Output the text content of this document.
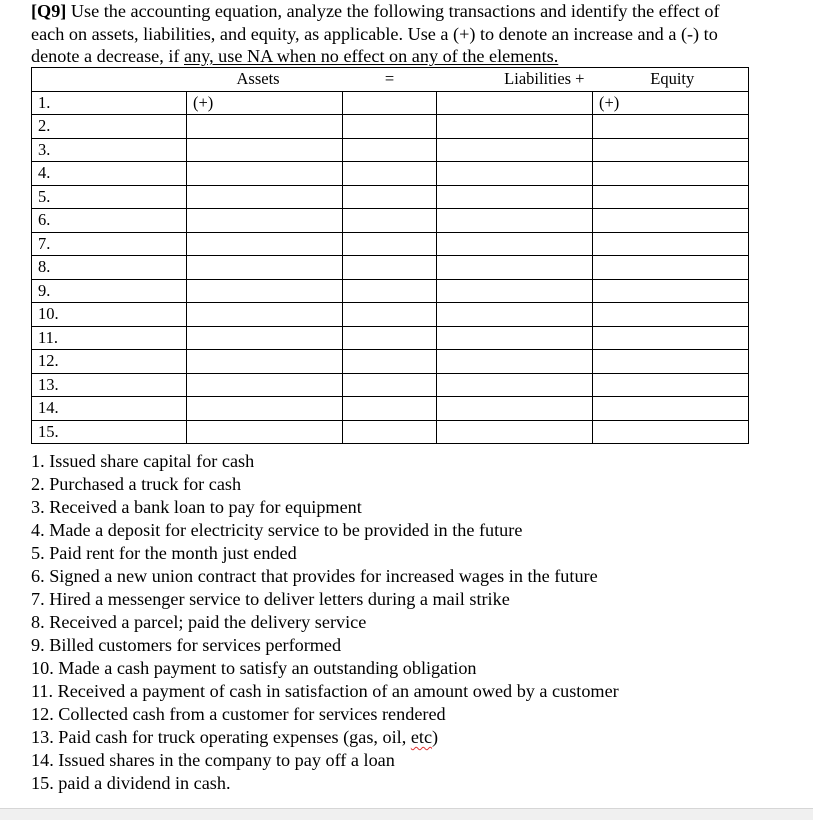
[Q9] Use the accounting equation, analyze the following transactions and identify the effect of
each on assets, liabilities, and equity, as applicable. Use a (+) to denote an increase and a (-) to
denote a decrease, if any, use NA when no effect on any of the elements.
	Assets	=	Liabilities +	Equity
1.	(+)			(+)
2.				
3.				
4.				
5.				
6.				
7.				
8.				
9.				
10.				
11.				
12.				
13.				
14.				
15.				
1. Issued share capital for cash
2. Purchased a truck for cash
3. Received a bank loan to pay for equipment
4. Made a deposit for electricity service to be provided in the future
5. Paid rent for the month just ended
6. Signed a new union contract that provides for increased wages in the future
7. Hired a messenger service to deliver letters during a mail strike
8. Received a parcel; paid the delivery service
9. Billed customers for services performed
10. Made a cash payment to satisfy an outstanding obligation
11. Received a payment of cash in satisfaction of an amount owed by a customer
12. Collected cash from a customer for services rendered
13. Paid cash for truck operating expenses (gas, oil, etc)
14. Issued shares in the company to pay off a loan
15. paid a dividend in cash.
